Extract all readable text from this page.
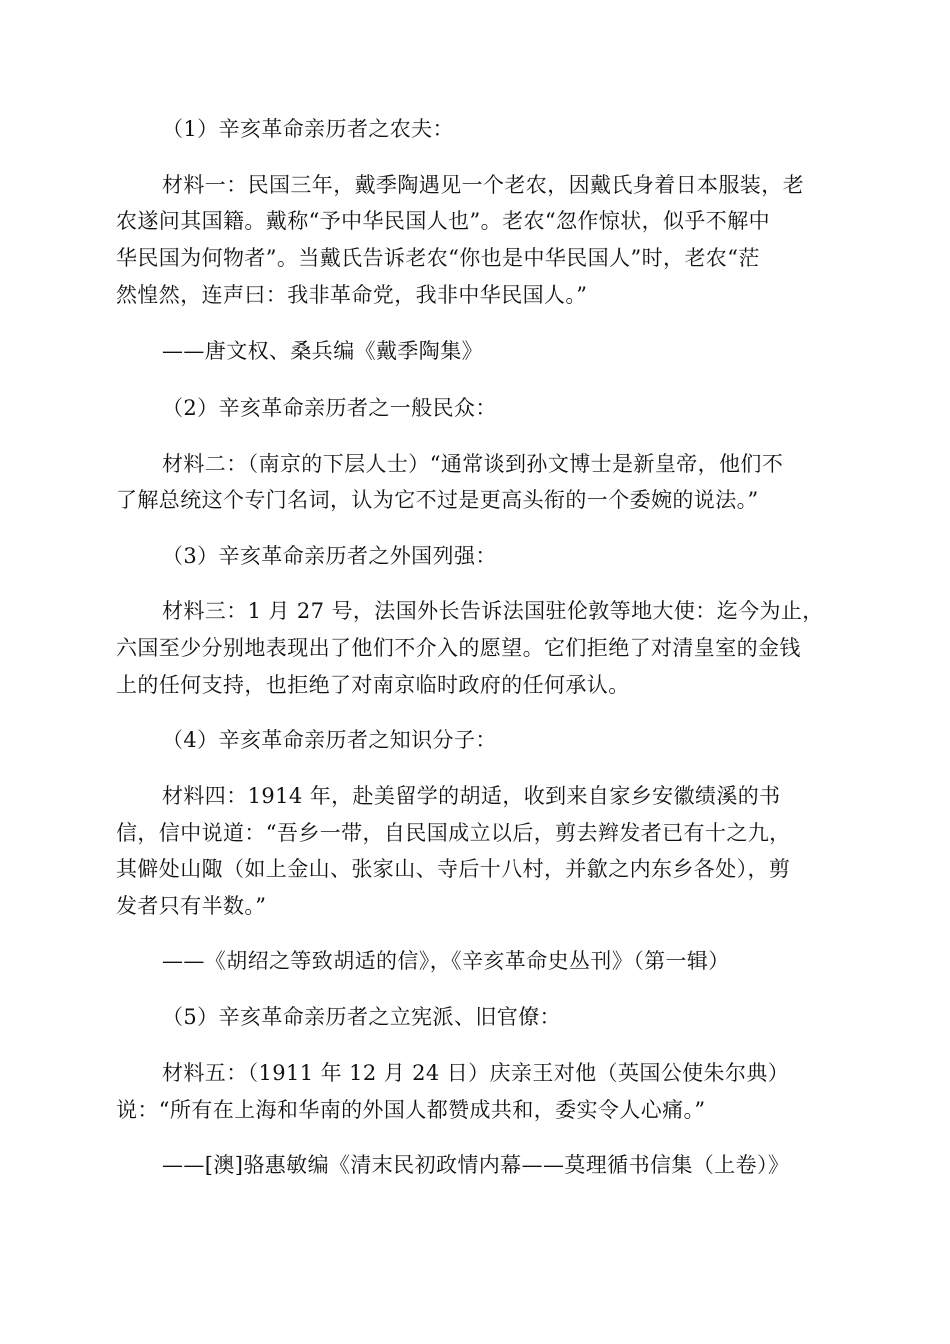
（1）辛亥革命亲历者之农夫：
材料一：民国三年，戴季陶遇见一个老农，因戴氏身着日本服装，老
农遂问其国籍。戴称“予中华民国人也”。老农“忽作惊状，似乎不解中
华民国为何物者”。当戴氏告诉老农“你也是中华民国人”时，老农“茫
然惶然，连声曰：我非革命党，我非中华民国人。”
——唐文权、桑兵编《戴季陶集》
（2）辛亥革命亲历者之一般民众：
材料二：（南京的下层人士）“通常谈到孙文博士是新皇帝，他们不
了解总统这个专门名词，认为它不过是更高头衔的一个委婉的说法。”
（3）辛亥革命亲历者之外国列强：
材料三：1 月 27 号，法国外长告诉法国驻伦敦等地大使：迄今为止，
六国至少分别地表现出了他们不介入的愿望。它们拒绝了对清皇室的金钱
上的任何支持，也拒绝了对南京临时政府的任何承认。
（4）辛亥革命亲历者之知识分子：
材料四：1914 年，赴美留学的胡适，收到来自家乡安徽绩溪的书
信，信中说道：“吾乡一带，自民国成立以后，剪去辫发者已有十之九，
其僻处山陬（如上金山、张家山、寺后十八村，并歙之内东乡各处），剪
发者只有半数。”
——《胡绍之等致胡适的信》，《辛亥革命史丛刊》（第一辑）
（5）辛亥革命亲历者之立宪派、旧官僚：
材料五：（1911 年 12 月 24 日）庆亲王对他（英国公使朱尔典）
说：“所有在上海和华南的外国人都赞成共和，委实令人心痛。”
——[澳]骆惠敏编《清末民初政情内幕——莫理循书信集（上卷）》
